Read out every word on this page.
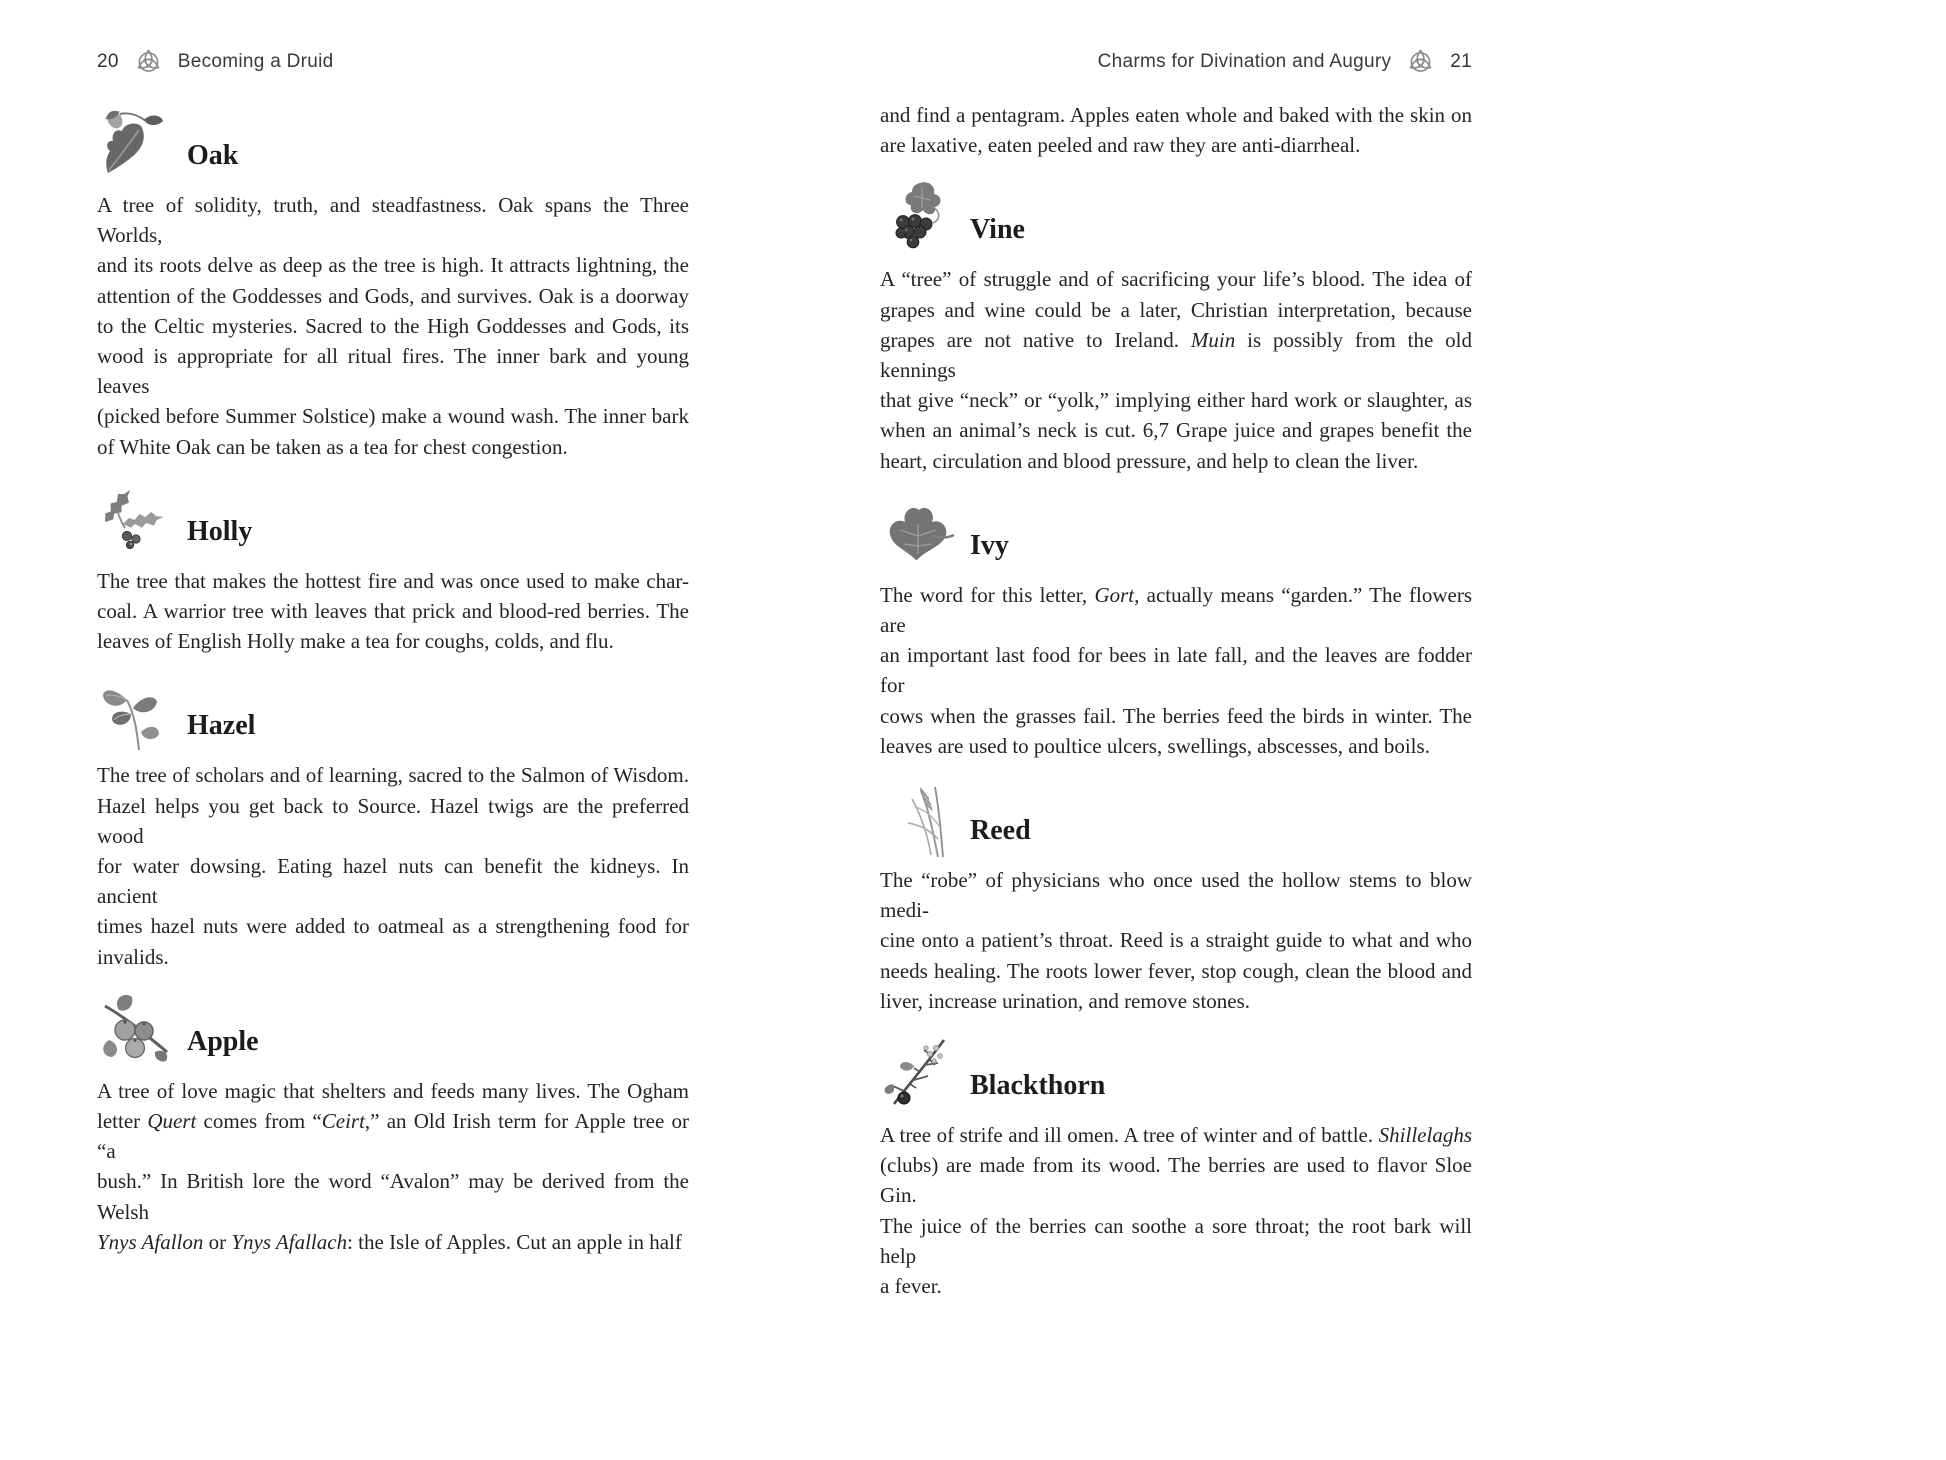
20	Becoming a Druid
Oak
A tree of solidity, truth, and steadfastness. Oak spans the Three Worlds,
and its roots delve as deep as the tree is high. It attracts lightning, the
attention of the Goddesses and Gods, and survives. Oak is a doorway
to the Celtic mysteries. Sacred to the High Goddesses and Gods, its
wood is appropriate for all ritual fires. The inner bark and young leaves
(picked before Summer Solstice) make a wound wash. The inner bark
of White Oak can be taken as a tea for chest congestion.
Holly
The tree that makes the hottest fire and was once used to make char-
coal. A warrior tree with leaves that prick and blood-red berries. The
leaves of English Holly make a tea for coughs, colds, and flu.
Hazel
The tree of scholars and of learning, sacred to the Salmon of Wisdom.
Hazel helps you get back to Source. Hazel twigs are the preferred wood
for water dowsing. Eating hazel nuts can benefit the kidneys. In ancient
times hazel nuts were added to oatmeal as a strengthening food for
invalids.
Apple
A tree of love magic that shelters and feeds many lives. The Ogham
letter Quert comes from “Ceirt,” an Old Irish term for Apple tree or “a
bush.” In British lore the word “Avalon” may be derived from the Welsh
Ynys Afallon or Ynys Afallach: the Isle of Apples. Cut an apple in half
Charms for Divination and Augury	21
and find a pentagram. Apples eaten whole and baked with the skin on
are laxative, eaten peeled and raw they are anti-diarrheal.
Vine
A “tree” of struggle and of sacrificing your life’s blood. The idea of
grapes and wine could be a later, Christian interpretation, because
grapes are not native to Ireland. Muin is possibly from the old kennings
that give “neck” or “yolk,” implying either hard work or slaughter, as
when an animal’s neck is cut. 6,7 Grape juice and grapes benefit the
heart, circulation and blood pressure, and help to clean the liver.
Ivy
The word for this letter, Gort, actually means “garden.” The flowers are
an important last food for bees in late fall, and the leaves are fodder for
cows when the grasses fail. The berries feed the birds in winter. The
leaves are used to poultice ulcers, swellings, abscesses, and boils.
Reed
The “robe” of physicians who once used the hollow stems to blow medi-
cine onto a patient’s throat. Reed is a straight guide to what and who
needs healing. The roots lower fever, stop cough, clean the blood and
liver, increase urination, and remove stones.
Blackthorn
A tree of strife and ill omen. A tree of winter and of battle. Shillelaghs
(clubs) are made from its wood. The berries are used to flavor Sloe Gin.
The juice of the berries can soothe a sore throat; the root bark will help
a fever.
